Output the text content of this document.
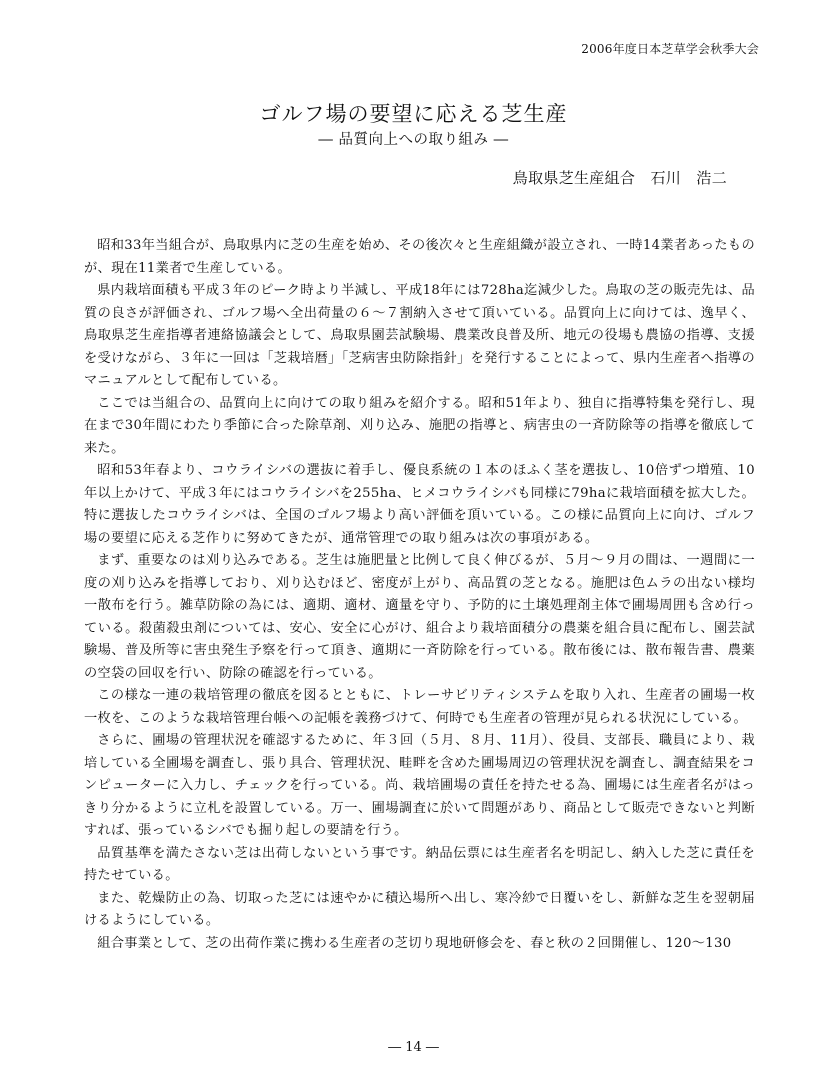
2006年度日本芝草学会秋季大会
ゴルフ場の要望に応える芝生産
― 品質向上への取り組み ―
鳥取県芝生産組合　石川　浩二

昭和33年当組合が、鳥取県内に芝の生産を始め、その後次々と生産組織が設立され、一時14業者あったものが、現在11業者で生産している。

県内栽培面積も平成３年のピーク時より半減し、平成18年には728ha迄減少した。鳥取の芝の販売先は、品質の良さが評価され、ゴルフ場へ全出荷量の６～７割納入させて頂いている。品質向上に向けては、逸早く、鳥取県芝生産指導者連絡協議会として、鳥取県園芸試験場、農業改良普及所、地元の役場も農協の指導、支援を受けながら、３年に一回は「芝栽培暦」「芝病害虫防除指針」を発行することによって、県内生産者へ指導のマニュアルとして配布している。

ここでは当組合の、品質向上に向けての取り組みを紹介する。昭和51年より、独自に指導特集を発行し、現在まで30年間にわたり季節に合った除草剤、刈り込み、施肥の指導と、病害虫の一斉防除等の指導を徹底して来た。

昭和53年春より、コウライシバの選抜に着手し、優良系統の１本のほふく茎を選抜し、10倍ずつ増殖、10年以上かけて、平成３年にはコウライシバを255ha、ヒメコウライシバも同様に79haに栽培面積を拡大した。特に選抜したコウライシバは、全国のゴルフ場より高い評価を頂いている。この様に品質向上に向け、ゴルフ場の要望に応える芝作りに努めてきたが、通常管理での取り組みは次の事項がある。

まず、重要なのは刈り込みである。芝生は施肥量と比例して良く伸びるが、５月～９月の間は、一週間に一度の刈り込みを指導しており、刈り込むほど、密度が上がり、高品質の芝となる。施肥は色ムラの出ない様均一散布を行う。雑草防除の為には、適期、適材、適量を守り、予防的に土壌処理剤主体で圃場周囲も含め行っている。殺菌殺虫剤については、安心、安全に心がけ、組合より栽培面積分の農薬を組合員に配布し、園芸試験場、普及所等に害虫発生予察を行って頂き、適期に一斉防除を行っている。散布後には、散布報告書、農薬の空袋の回収を行い、防除の確認を行っている。

この様な一連の栽培管理の徹底を図るとともに、トレーサビリティシステムを取り入れ、生産者の圃場一枚一枚を、このような栽培管理台帳への記帳を義務づけて、何時でも生産者の管理が見られる状況にしている。

さらに、圃場の管理状況を確認するために、年３回（５月、８月、11月）、役員、支部長、職員により、栽培している全圃場を調査し、張り具合、管理状況、畦畔を含めた圃場周辺の管理状況を調査し、調査結果をコンピューターに入力し、チェックを行っている。尚、栽培圃場の責任を持たせる為、圃場には生産者名がはっきり分かるように立札を設置している。万一、圃場調査に於いて問題があり、商品として販売できないと判断すれば、張っているシバでも掘り起しの要請を行う。

品質基準を満たさない芝は出荷しないという事です。納品伝票には生産者名を明記し、納入した芝に責任を持たせている。

また、乾燥防止の為、切取った芝には速やかに積込場所へ出し、寒冷紗で日覆いをし、新鮮な芝生を翌朝届けるようにしている。

組合事業として、芝の出荷作業に携わる生産者の芝切り現地研修会を、春と秋の２回開催し、120～130

― 14 ―
